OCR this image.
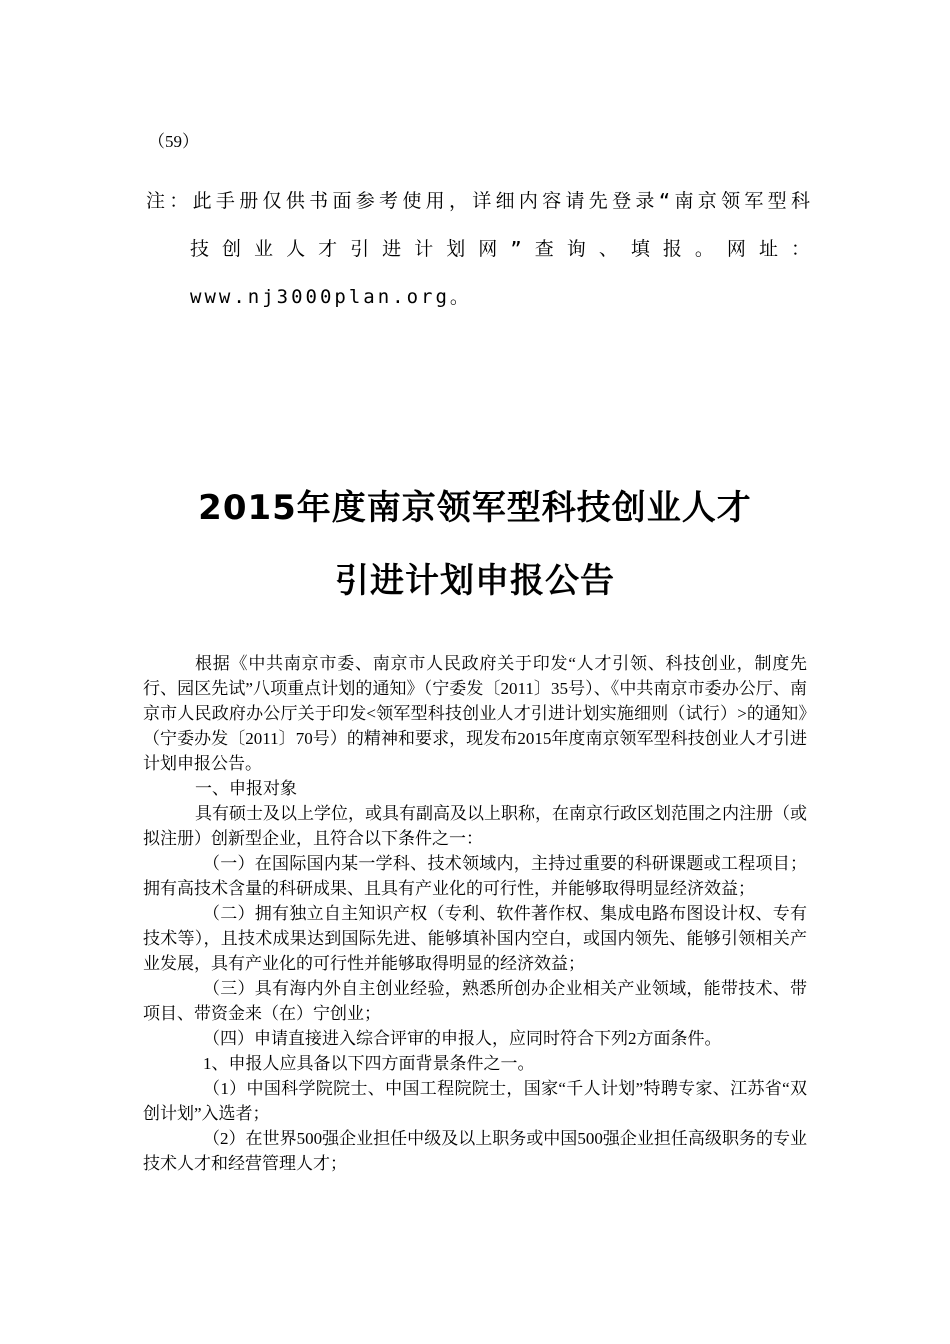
（59）
注：此手册仅供书面参考使用，详细内容请先登录“南京领军型科
技创业人才引进计划网”查询、填报。网址：
www.nj3000plan.org。
2015年度南京领军型科技创业人才
引进计划申报公告

根据《中共南京市委、南京市人民政府关于印发“人才引领、科技创业，制度先行、园区先试”八项重点计划的通知》（宁委发〔2011〕35号）、《中共南京市委办公厅、南京市人民政府办公厅关于印发<领军型科技创业人才引进计划实施细则（试行）>的通知》（宁委办发〔2011〕70号）的精神和要求，现发布2015年度南京领军型科技创业人才引进计划申报公告。

一、申报对象

具有硕士及以上学位，或具有副高及以上职称，在南京行政区划范围之内注册（或拟注册）创新型企业，且符合以下条件之一：

（一）在国际国内某一学科、技术领域内，主持过重要的科研课题或工程项目；拥有高技术含量的科研成果、且具有产业化的可行性，并能够取得明显经济效益；

（二）拥有独立自主知识产权（专利、软件著作权、集成电路布图设计权、专有技术等），且技术成果达到国际先进、能够填补国内空白，或国内领先、能够引领相关产业发展，具有产业化的可行性并能够取得明显的经济效益；

（三）具有海内外自主创业经验，熟悉所创办企业相关产业领域，能带技术、带项目、带资金来（在）宁创业；

（四）申请直接进入综合评审的申报人，应同时符合下列2方面条件。

1、申报人应具备以下四方面背景条件之一。

（1）中国科学院院士、中国工程院院士，国家“千人计划”特聘专家、江苏省“双创计划”入选者；

（2）在世界500强企业担任中级及以上职务或中国500强企业担任高级职务的专业技术人才和经营管理人才；
